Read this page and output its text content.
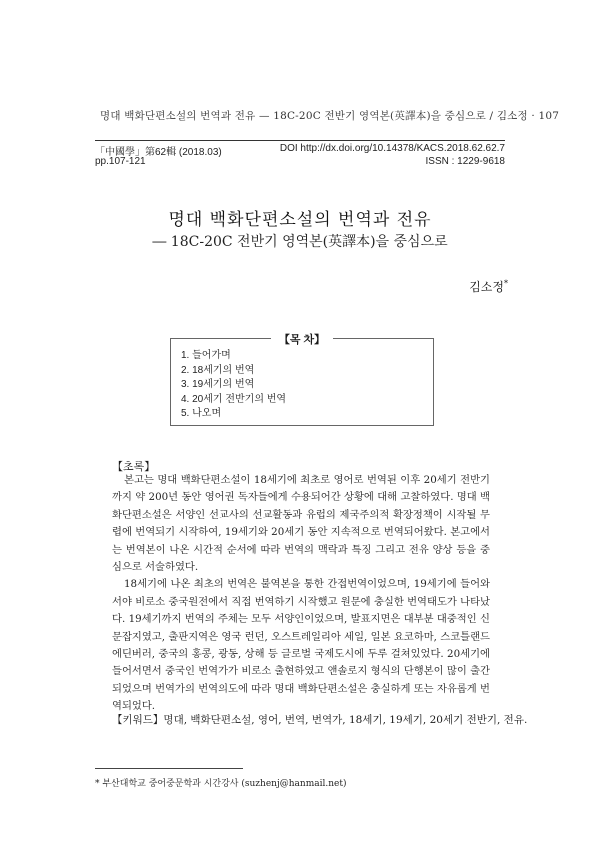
명대 백화단편소설의 번역과 전유 — 18C-20C 전반기 영역본(英譯本)을 중심으로 / 김소정 · 107
「中國學」第62輯 (2018.03)
pp.107-121
DOI http://dx.doi.org/10.14378/KACS.2018.62.62.7
ISSN : 1229-9618
명대 백화단편소설의 번역과 전유
― 18C-20C 전반기 영역본(英譯本)을 중심으로
김소정*
【목 차】
1. 들어가며
2. 18세기의 번역
3. 19세기의 번역
4. 20세기 전반기의 번역
5. 나오며
【초록】

본고는 명대 백화단편소설이 18세기에 최초로 영어로 번역된 이후 20세기 전반기까지 약 200년 동안 영어권 독자들에게 수용되어간 상황에 대해 고찰하였다. 명대 백화단편소설은 서양인 선교사의 선교활동과 유럽의 제국주의적 확장정책이 시작될 무렵에 번역되기 시작하여, 19세기와 20세기 동안 지속적으로 번역되어왔다. 본고에서는 번역본이 나온 시간적 순서에 따라 번역의 맥락과 특징 그리고 전유 양상 등을 중심으로 서술하였다.

18세기에 나온 최초의 번역은 불역본을 통한 간접번역이었으며, 19세기에 들어와서야 비로소 중국원전에서 직접 번역하기 시작했고 원문에 충실한 번역태도가 나타났다. 19세기까지 번역의 주체는 모두 서양인이었으며, 발표지면은 대부분 대중적인 신문잡지였고, 출판지역은 영국 런던, 오스트레일리아 세일, 일본 요코하마, 스코틀랜드 에딘버러, 중국의 홍콩, 광동, 상해 등 글로벌 국제도시에 두루 걸쳐있었다. 20세기에 들어서면서 중국인 번역가가 비로소 출현하였고 앤솔로지 형식의 단행본이 많이 출간되었으며 번역가의 번역의도에 따라 명대 백화단편소설은 충실하게 또는 자유롭게 번역되었다.

【키워드】명대, 백화단편소설, 영어, 번역, 번역가, 18세기, 19세기, 20세기 전반기, 전유.
* 부산대학교 중어중문학과 시간강사 (suzhenj@hanmail.net)
